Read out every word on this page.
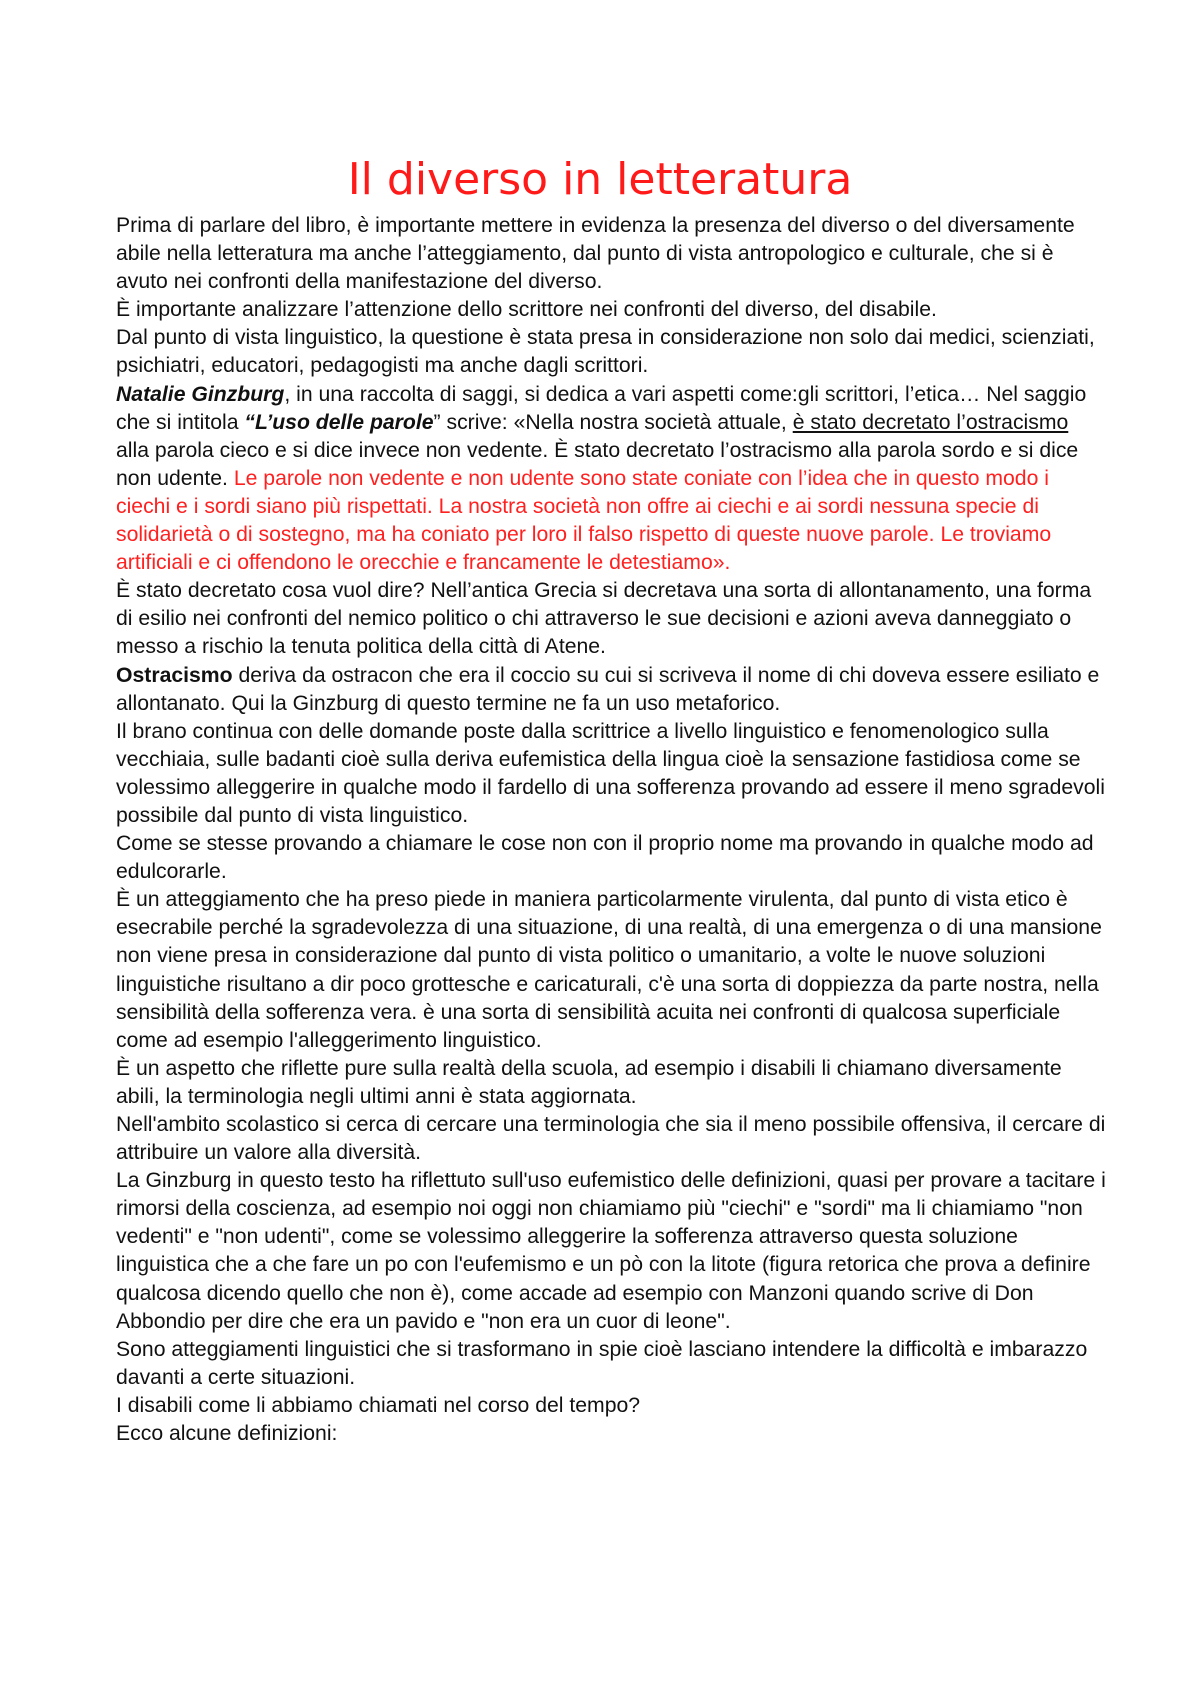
Il diverso in letteratura

Prima di parlare del libro, è importante mettere in evidenza la presenza del diverso o del diversamente abile nella letteratura ma anche l’atteggiamento, dal punto di vista antropologico e culturale, che si è avuto nei confronti della manifestazione del diverso.

È importante analizzare l’attenzione dello scrittore nei confronti del diverso, del disabile.

Dal punto di vista linguistico, la questione è stata presa in considerazione non solo dai medici, scienziati, psichiatri, educatori, pedagogisti ma anche dagli scrittori.

Natalie Ginzburg, in una raccolta di saggi, si dedica a vari aspetti come:gli scrittori, l’etica… Nel saggio che si intitola “L’uso delle parole” scrive: «Nella nostra società attuale, è stato decretato l’ostracismo alla parola cieco e si dice invece non vedente. È stato decretato l’ostracismo alla parola sordo e si dice non udente. Le parole non vedente e non udente sono state coniate con l’idea che in questo modo i ciechi e i sordi siano più rispettati. La nostra società non offre ai ciechi e ai sordi nessuna specie di solidarietà o di sostegno, ma ha coniato per loro il falso rispetto di queste nuove parole. Le troviamo artificiali e ci offendono le orecchie e francamente le detestiamo».

È stato decretato cosa vuol dire? Nell’antica Grecia si decretava una sorta di allontanamento, una forma di esilio nei confronti del nemico politico o chi attraverso le sue decisioni e azioni aveva danneggiato o messo a rischio la tenuta politica della città di Atene.

Ostracismo deriva da ostracon che era il coccio su cui si scriveva il nome di chi doveva essere esiliato e allontanato. Qui la Ginzburg di questo termine ne fa un uso metaforico.

Il brano continua con delle domande poste dalla scrittrice a livello linguistico e fenomenologico sulla vecchiaia, sulle badanti cioè sulla deriva eufemistica della lingua cioè la sensazione fastidiosa come se volessimo alleggerire in qualche modo il fardello di una sofferenza provando ad essere il meno sgradevoli possibile dal punto di vista linguistico.

Come se stesse provando a chiamare le cose non con il proprio nome ma provando in qualche modo ad edulcorarle.

È un atteggiamento che ha preso piede in maniera particolarmente virulenta, dal punto di vista etico è esecrabile perché la sgradevolezza di una situazione, di una realtà, di una emergenza o di una mansione non viene presa in considerazione dal punto di vista politico o umanitario, a volte le nuove soluzioni linguistiche risultano a dir poco grottesche e caricaturali, c'è una sorta di doppiezza da parte nostra, nella sensibilità della sofferenza vera. è una sorta di sensibilità acuita nei confronti di qualcosa superficiale come ad esempio l'alleggerimento linguistico.

È un aspetto che riflette pure sulla realtà della scuola, ad esempio i disabili li chiamano diversamente abili, la terminologia negli ultimi anni è stata aggiornata.

Nell'ambito scolastico si cerca di cercare una terminologia che sia il meno possibile offensiva, il cercare di attribuire un valore alla diversità.

La Ginzburg in questo testo ha riflettuto sull'uso eufemistico delle definizioni, quasi per provare a tacitare i rimorsi della coscienza, ad esempio noi oggi non chiamiamo più "ciechi" e "sordi" ma li chiamiamo "non vedenti" e "non udenti", come se volessimo alleggerire la sofferenza attraverso questa soluzione linguistica che a che fare un po con l'eufemismo e un pò con la litote (figura retorica che prova a definire qualcosa dicendo quello che non è), come accade ad esempio con Manzoni quando scrive di Don Abbondio per dire che era un pavido e "non era un cuor di leone".

Sono atteggiamenti linguistici che si trasformano in spie cioè lasciano intendere la difficoltà e imbarazzo davanti a certe situazioni.

I disabili come li abbiamo chiamati nel corso del tempo?

Ecco alcune definizioni:
